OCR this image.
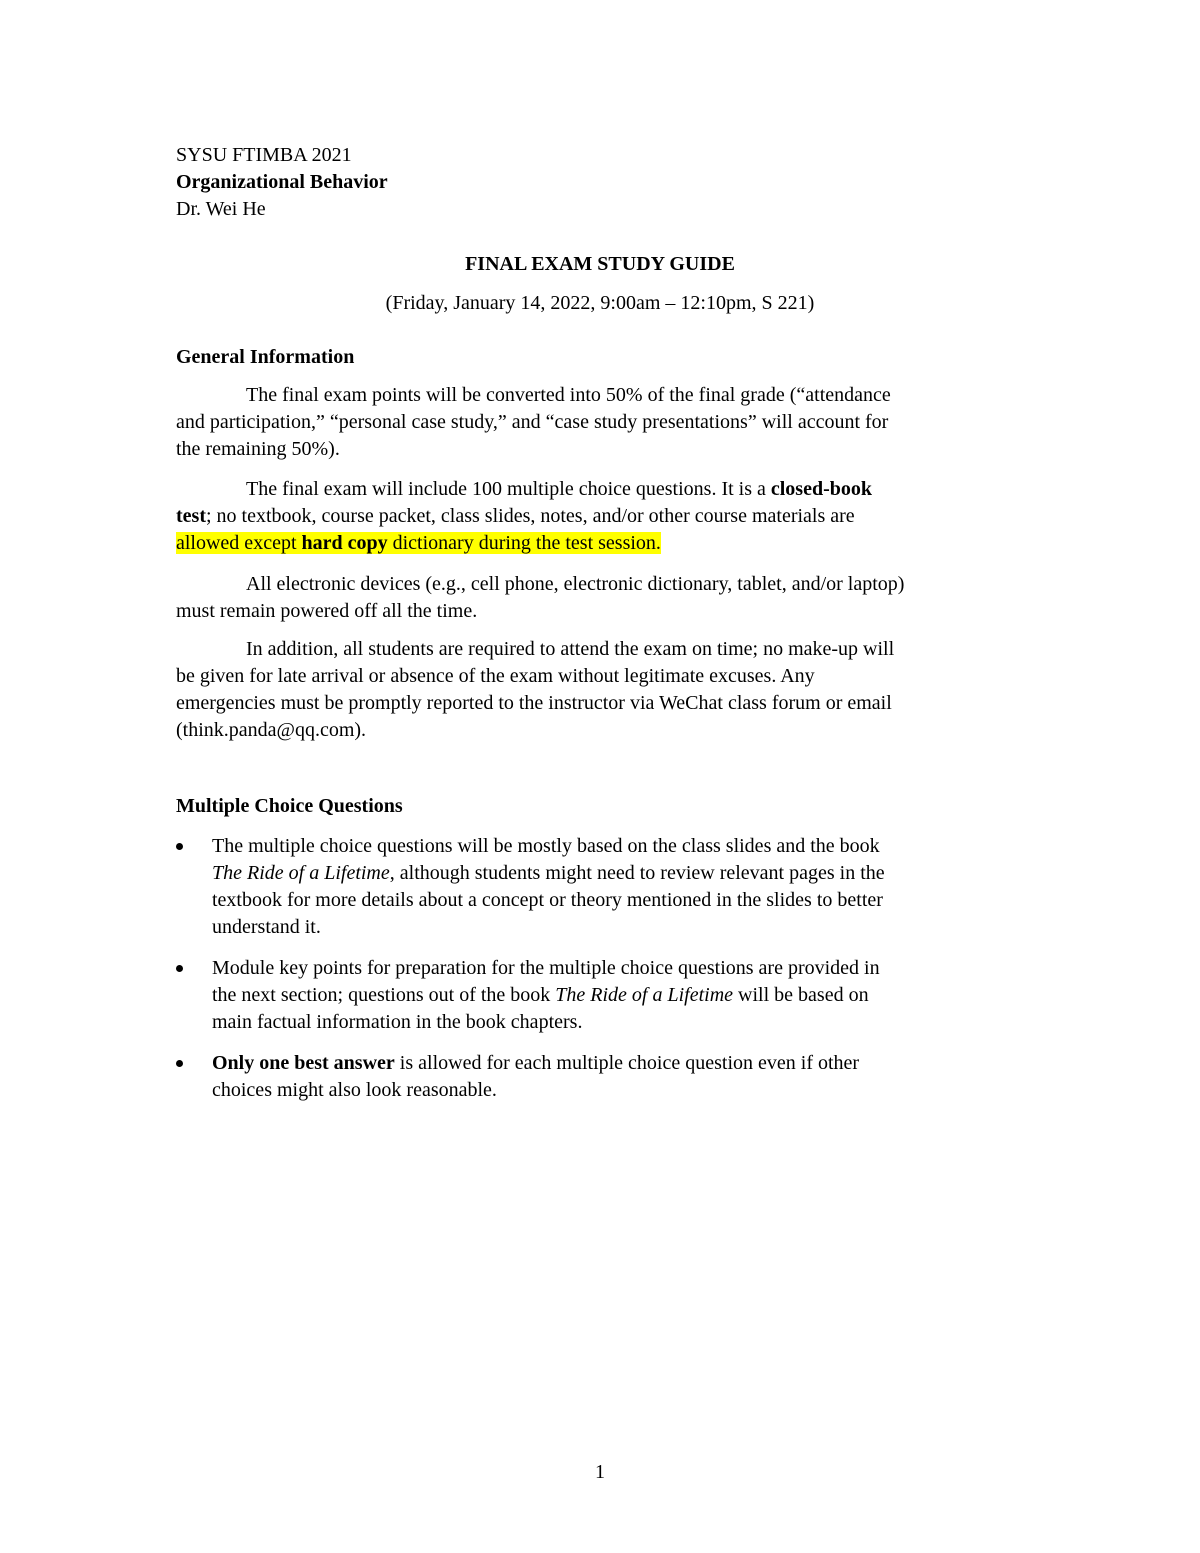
SYSU FTIMBA 2021
Organizational Behavior
Dr. Wei He
FINAL EXAM STUDY GUIDE
(Friday, January 14, 2022, 9:00am – 12:10pm, S 221)
General Information
The final exam points will be converted into 50% of the final grade (“attendance
and participation,” “personal case study,” and “case study presentations” will account for
the remaining 50%).
The final exam will include 100 multiple choice questions. It is a closed-book
test; no textbook, course packet, class slides, notes, and/or other course materials are
allowed except hard copy dictionary during the test session.
All electronic devices (e.g., cell phone, electronic dictionary, tablet, and/or laptop)
must remain powered off all the time.
In addition, all students are required to attend the exam on time; no make-up will
be given for late arrival or absence of the exam without legitimate excuses. Any
emergencies must be promptly reported to the instructor via WeChat class forum or email
(think.panda@qq.com).
Multiple Choice Questions
The multiple choice questions will be mostly based on the class slides and the book
The Ride of a Lifetime, although students might need to review relevant pages in the
textbook for more details about a concept or theory mentioned in the slides to better
understand it.
Module key points for preparation for the multiple choice questions are provided in
the next section; questions out of the book The Ride of a Lifetime will be based on
main factual information in the book chapters.
Only one best answer is allowed for each multiple choice question even if other
choices might also look reasonable.
1
